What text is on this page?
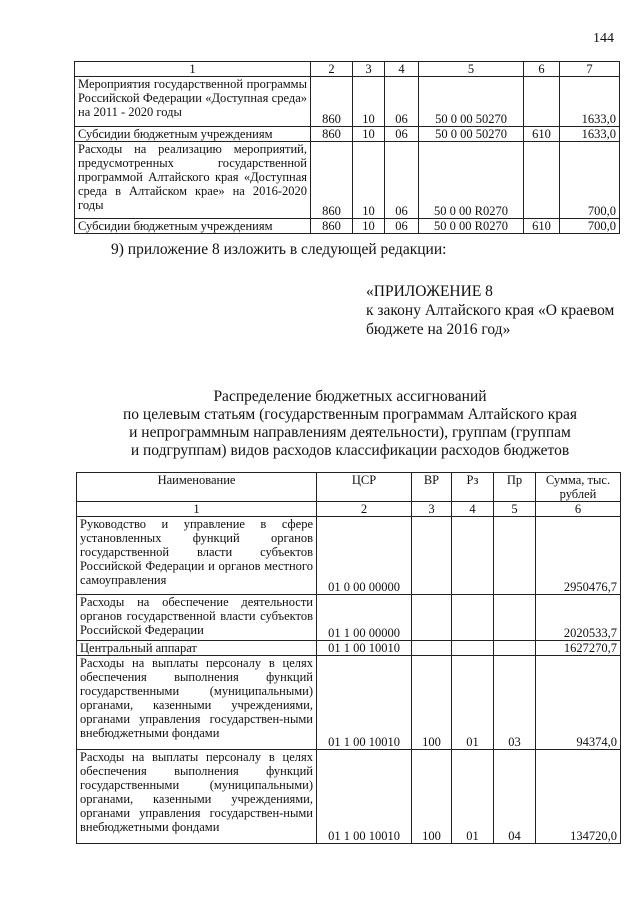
144
1	2	3	4	5	6	7
Мероприятия государственной программы Российской Федерации «Доступная среда» на 2011 - 2020 годы	860	10	06	50 0 00 50270		1633,0
Субсидии бюджетным учреждениям	860	10	06	50 0 00 50270	610	1633,0
Расходы на реализацию мероприятий, предусмотренных государственной программой Алтайского края «Доступная среда в Алтайском крае» на 2016-2020 годы	860	10	06	50 0 00 R0270		700,0
Субсидии бюджетным учреждениям	860	10	06	50 0 00 R0270	610	700,0
9) приложение 8 изложить в следующей редакции:
«ПРИЛОЖЕНИЕ 8
к закону Алтайского края «О краевом
бюджете на 2016 год»
Распределение бюджетных ассигнований
по целевым статьям (государственным программам Алтайского края
и непрограммным направлениям деятельности), группам (группам
и подгруппам) видов расходов классификации расходов бюджетов
Наименование	ЦСР	ВР	Рз	Пр	Сумма, тыс. рублей
1	2	3	4	5	6
Руководство и управление в сфере установленных функций органов государственной власти субъектов Российской Федерации и органов местного самоуправления	01 0 00 00000				2950476,7
Расходы на обеспечение деятельности органов государственной власти субъектов Российской Федерации	01 1 00 00000				2020533,7
Центральный аппарат	01 1 00 10010				1627270,7
Расходы на выплаты персоналу в целях обеспечения выполнения функций государственными (муниципальными) органами, казенными учреждениями, органами управления государствен-ными внебюджетными фондами	01 1 00 10010	100	01	03	94374,0
Расходы на выплаты персоналу в целях обеспечения выполнения функций государственными (муниципальными) органами, казенными учреждениями, органами управления государствен-ными внебюджетными фондами	01 1 00 10010	100	01	04	134720,0
